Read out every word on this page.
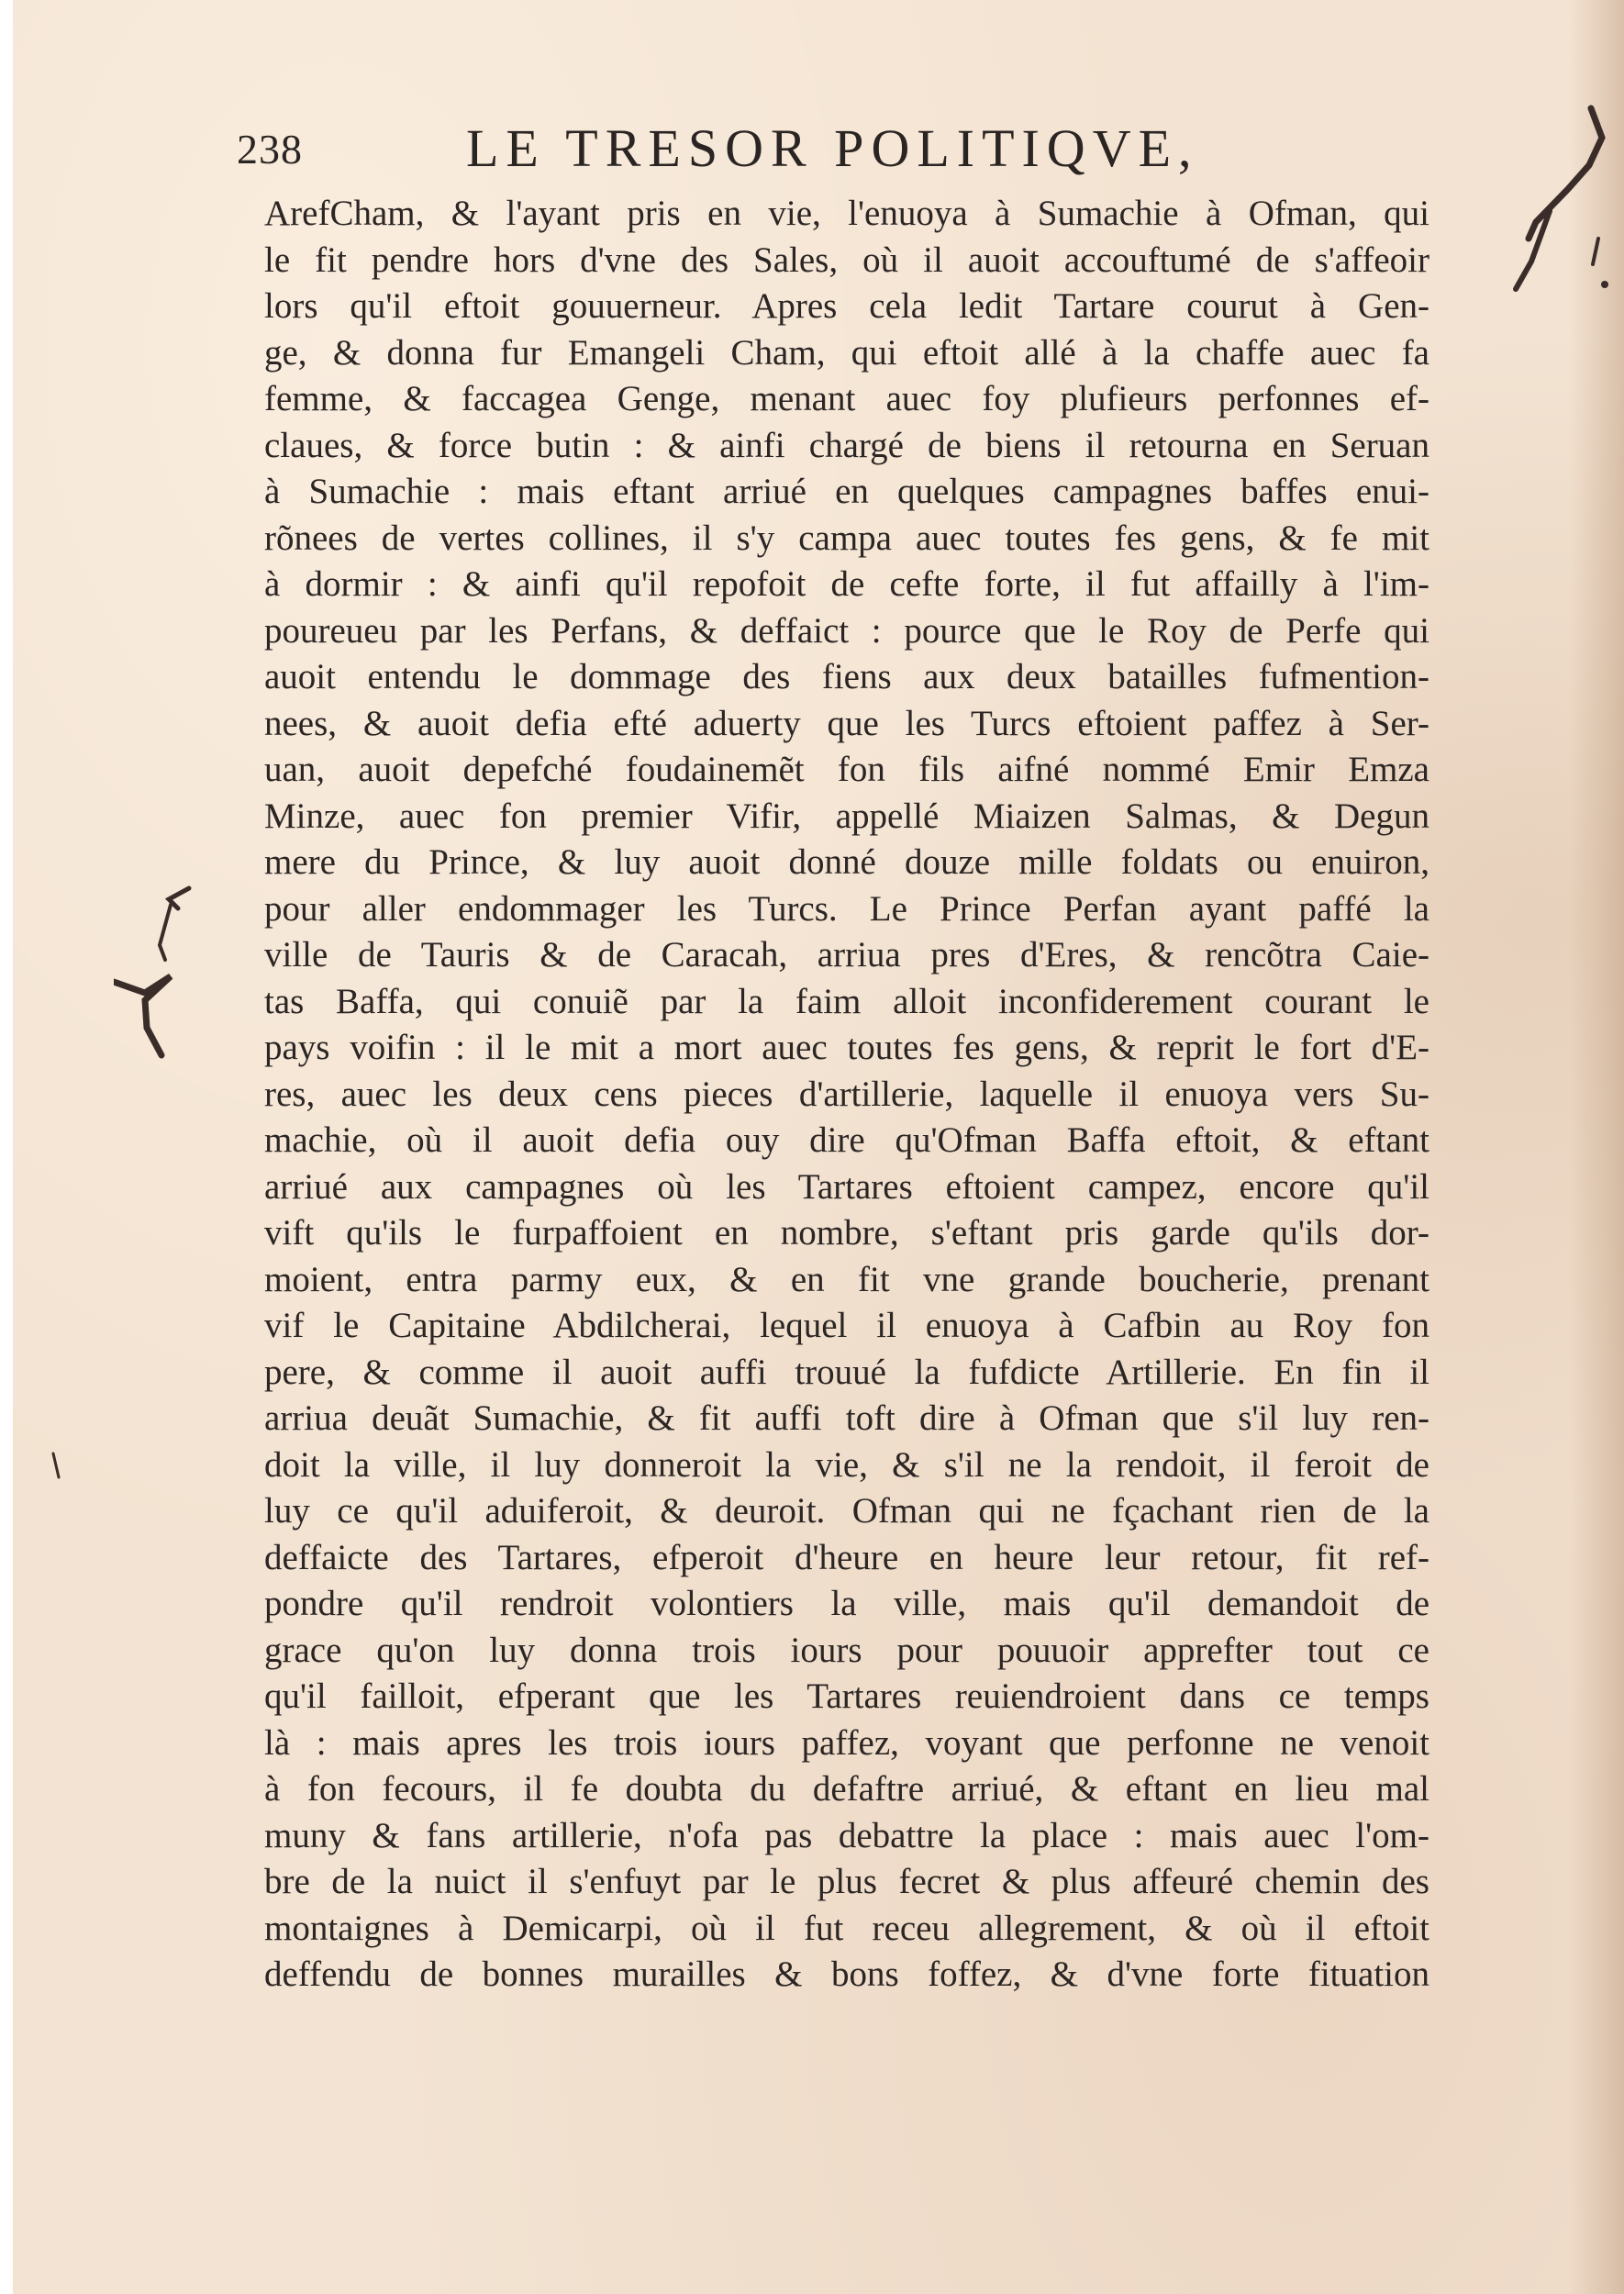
238	LE TRESOR POLITIQVE,
ArefCham, & l'ayant pris en vie, l'enuoya à Sumachie à Ofman, qui
le fit pendre hors d'vne des Sales, où il auoit accouftumé de s'affeoir
lors qu'il eftoit gouuerneur. Apres cela ledit Tartare courut à Gen-
ge, & donna fur Emangeli Cham, qui eftoit allé à la chaffe auec fa
femme, & faccagea Genge, menant auec foy plufieurs perfonnes ef-
claues, & force butin : & ainfi chargé de biens il retourna en Seruan
à Sumachie : mais eftant arriué en quelques campagnes baffes enui-
rõnees de vertes collines, il s'y campa auec toutes fes gens, & fe mit
à dormir : & ainfi qu'il repofoit de cefte forte, il fut affailly à l'im-
poureueu par les Perfans, & deffaict : pource que le Roy de Perfe qui
auoit entendu le dommage des fiens aux deux batailles fufmention-
nees, & auoit defia efté aduerty que les Turcs eftoient paffez à Ser-
uan, auoit depefché foudainemẽt fon fils aifné nommé Emir Emza
Minze, auec fon premier Vifir, appellé Miaizen Salmas, & Degun
mere du Prince, & luy auoit donné douze mille foldats ou enuiron,
pour aller endommager les Turcs. Le Prince Perfan ayant paffé la
ville de Tauris & de Caracah, arriua pres d'Eres, & rencõtra Caie-
tas Baffa, qui conuiẽ par la faim alloit inconfiderement courant le
pays voifin : il le mit a mort auec toutes fes gens, & reprit le fort d'E-
res, auec les deux cens pieces d'artillerie, laquelle il enuoya vers Su-
machie, où il auoit defia ouy dire qu'Ofman Baffa eftoit, & eftant
arriué aux campagnes où les Tartares eftoient campez, encore qu'il
vift qu'ils le furpaffoient en nombre, s'eftant pris garde qu'ils dor-
moient, entra parmy eux, & en fit vne grande boucherie, prenant
vif le Capitaine Abdilcherai, lequel il enuoya à Cafbin au Roy fon
pere, & comme il auoit auffi trouué la fufdicte Artillerie. En fin il
arriua deuãt Sumachie, & fit auffi toft dire à Ofman que s'il luy ren-
doit la ville, il luy donneroit la vie, & s'il ne la rendoit, il feroit de
luy ce qu'il aduiferoit, & deuroit. Ofman qui ne fçachant rien de la
deffaicte des Tartares, efperoit d'heure en heure leur retour, fit ref-
pondre qu'il rendroit volontiers la ville, mais qu'il demandoit de
grace qu'on luy donna trois iours pour pouuoir apprefter tout ce
qu'il failloit, efperant que les Tartares reuiendroient dans ce temps
là : mais apres les trois iours paffez, voyant que perfonne ne venoit
à fon fecours, il fe doubta du defaftre arriué, & eftant en lieu mal
muny & fans artillerie, n'ofa pas debattre la place : mais auec l'om-
bre de la nuict il s'enfuyt par le plus fecret & plus affeuré chemin des
montaignes à Demicarpi, où il fut receu allegrement, & où il eftoit
deffendu de bonnes murailles & bons foffez, & d'vne forte fituation
